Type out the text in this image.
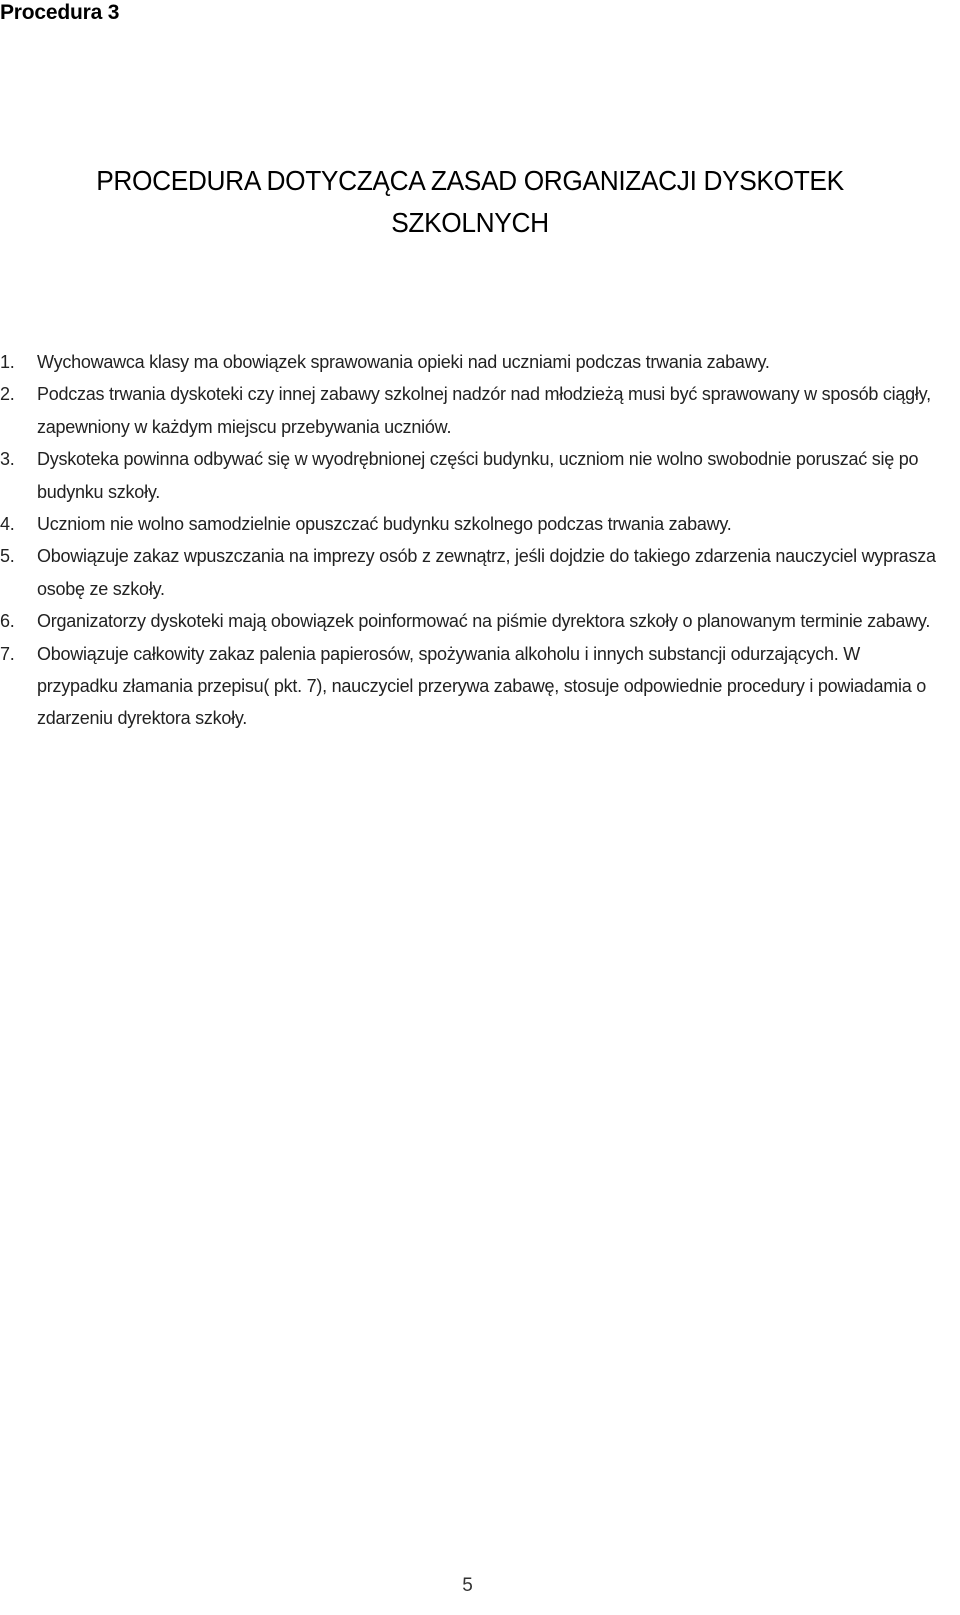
Procedura 3
PROCEDURA DOTYCZĄCA ZASAD ORGANIZACJI DYSKOTEK SZKOLNYCH
1.	Wychowawca klasy ma obowiązek sprawowania opieki nad uczniami podczas trwania zabawy.
2.	Podczas trwania dyskoteki czy innej zabawy szkolnej nadzór nad młodzieżą musi być sprawowany w sposób ciągły, zapewniony w każdym miejscu przebywania uczniów.
3.	Dyskoteka powinna odbywać się w wyodrębnionej części budynku, uczniom nie wolno swobodnie poruszać się po budynku szkoły.
4.	Uczniom nie wolno samodzielnie opuszczać budynku szkolnego podczas trwania zabawy.
5.	Obowiązuje zakaz wpuszczania na imprezy osób z zewnątrz, jeśli dojdzie do takiego zdarzenia nauczyciel wyprasza osobę ze szkoły.
6.	Organizatorzy dyskoteki mają obowiązek poinformować na piśmie dyrektora szkoły o planowanym terminie zabawy.
7.	Obowiązuje całkowity zakaz palenia papierosów, spożywania alkoholu i innych substancji odurzających. W przypadku złamania przepisu( pkt. 7), nauczyciel przerywa zabawę, stosuje odpowiednie procedury i powiadamia o zdarzeniu dyrektora szkoły.
5
